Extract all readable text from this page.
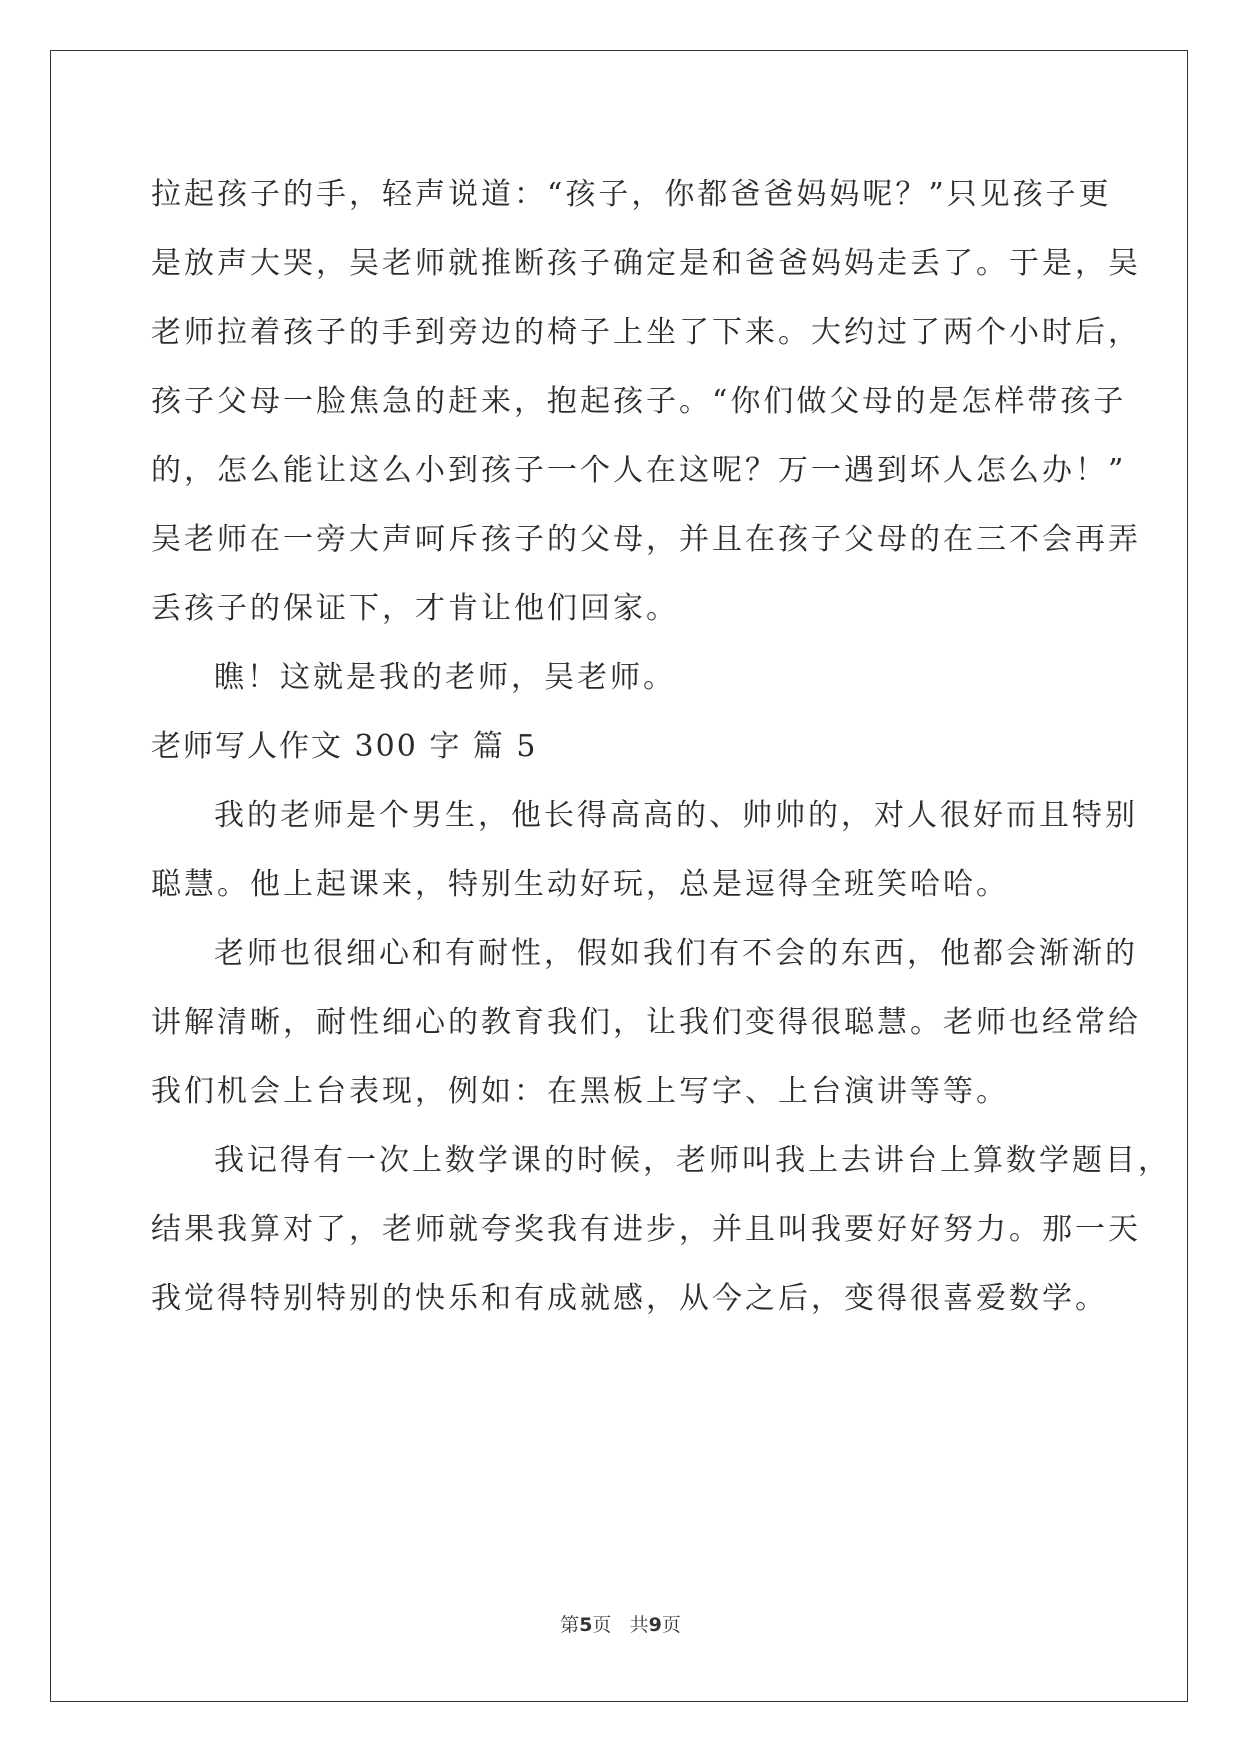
拉起孩子的手，轻声说道：“孩子，你都爸爸妈妈呢？”只见孩子更
是放声大哭，吴老师就推断孩子确定是和爸爸妈妈走丢了。于是，吴
老师拉着孩子的手到旁边的椅子上坐了下来。大约过了两个小时后，
孩子父母一脸焦急的赶来，抱起孩子。“你们做父母的是怎样带孩子
的，怎么能让这么小到孩子一个人在这呢？万一遇到坏人怎么办！”
吴老师在一旁大声呵斥孩子的父母，并且在孩子父母的在三不会再弄
丢孩子的保证下，才肯让他们回家。
瞧！这就是我的老师，吴老师。
老师写人作文 300 字 篇 5
我的老师是个男生，他长得高高的、帅帅的，对人很好而且特别
聪慧。他上起课来，特别生动好玩，总是逗得全班笑哈哈。
老师也很细心和有耐性，假如我们有不会的东西，他都会渐渐的
讲解清晰，耐性细心的教育我们，让我们变得很聪慧。老师也经常给
我们机会上台表现，例如：在黑板上写字、上台演讲等等。
我记得有一次上数学课的时候，老师叫我上去讲台上算数学题目，
结果我算对了，老师就夸奖我有进步，并且叫我要好好努力。那一天
我觉得特别特别的快乐和有成就感，从今之后，变得很喜爱数学。
第5页 共9页
